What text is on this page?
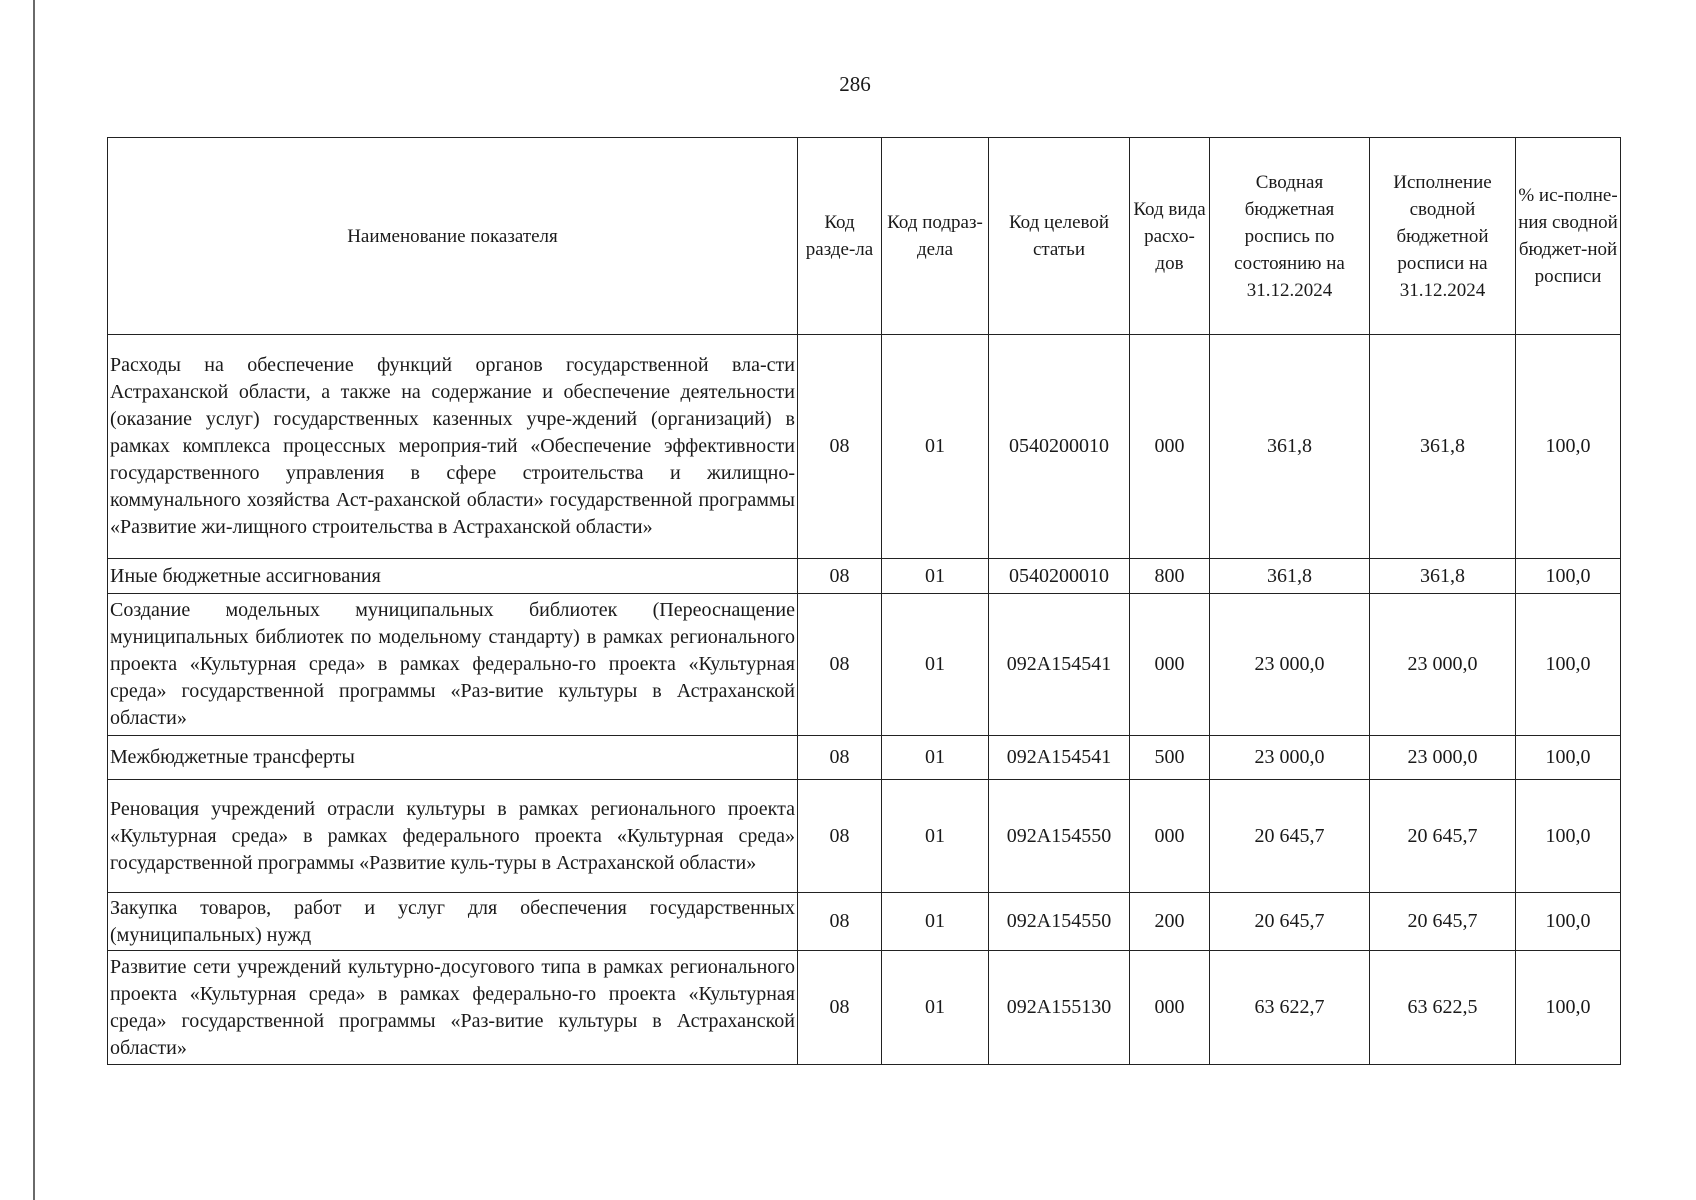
286
Наименование показателя	Код разде-ла	Код подраз-дела	Код целевой статьи	Код вида расхо-дов	Сводная бюджетная роспись по состоянию на 31.12.2024	Исполнение сводной бюджетной росписи на 31.12.2024	% ис-полне-ния сводной бюджет-ной росписи
Расходы на обеспечение функций органов государственной вла-сти Астраханской области, а также на содержание и обеспечение деятельности (оказание услуг) государственных казенных учре-ждений (организаций) в рамках комплекса процессных мероприя-тий «Обеспечение эффективности государственного управления в сфере строительства и жилищно-коммунального хозяйства Аст-раханской области» государственной программы «Развитие жи-лищного строительства в Астраханской области»	08	01	0540200010	000	361,8	361,8	100,0
Иные бюджетные ассигнования	08	01	0540200010	800	361,8	361,8	100,0
Создание модельных муниципальных библиотек (Переоснащение муниципальных библиотек по модельному стандарту) в рамках регионального проекта «Культурная среда» в рамках федерально-го проекта «Культурная среда» государственной программы «Раз-витие культуры в Астраханской области»	08	01	092A154541	000	23 000,0	23 000,0	100,0
Межбюджетные трансферты	08	01	092A154541	500	23 000,0	23 000,0	100,0
Реновация учреждений отрасли культуры в рамках регионального проекта «Культурная среда» в рамках федерального проекта «Культурная среда» государственной программы «Развитие куль-туры в Астраханской области»	08	01	092A154550	000	20 645,7	20 645,7	100,0
Закупка товаров, работ и услуг для обеспечения государственных (муниципальных) нужд	08	01	092A154550	200	20 645,7	20 645,7	100,0
Развитие сети учреждений культурно-досугового типа в рамках регионального проекта «Культурная среда» в рамках федерально-го проекта «Культурная среда» государственной программы «Раз-витие культуры в Астраханской области»	08	01	092A155130	000	63 622,7	63 622,5	100,0
